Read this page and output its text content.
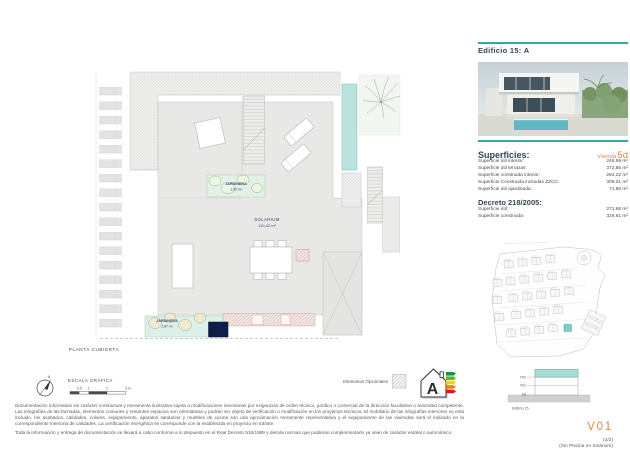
JARDINERA
1,99 m²
SOLARIUM
110,42 m²
JARDINERA
2,87 m²
PLANTA CUBIERTA
N
ESCALA GRÁFICA
0,5 1	2	3 m
Elementos Opcionales A
P02
P01
PB
Edificio 15
Edificio 15: A
Superficies:	Vivienda5d
Superficie útil interior:	246,99 m²
Superficie útil terrazas:	372,85 m²
Superficie construida interior:	284,22 m²
Superficie Construida incluidas ZZCC:	308,01 m²
Superficie útil ajardinada:	71,88 m²
Decreto 218/2005:
Superficie útil:	271,68 m²
Superficie construida:	326,61 m²
V01
(2/2)
(Sin Piscina en Solárium)

Documentación informativa sin carácter contractual y meramente ilustrativa sujeta a modificaciones necesarias por exigencias de orden técnico, jurídico o comercial de la dirección facultativa o autoridad competente. Las infografías de las fachadas, elementos comunes y restantes espacios son orientativas y podrán ser objeto de verificación o modificación en los proyectos técnicos. El mobiliario de las infografías interiores no está incluido, los acabados, calidades, colores, equipamiento, aparatos sanitarios y muebles de cocina son una aproximación meramente representativa y el equipamiento de las viviendas será el indicado en la correspondiente memoria de calidades. La certificación energética se corresponde con la establecida en proyecto en trámite.

Toda la información y entrega de documentación se llevará a cabo conforme a lo dispuesto en el Real Decreto 515/1989 y demás normas que pudieran complementarlo ya sean de carácter estatal o autonómico.
